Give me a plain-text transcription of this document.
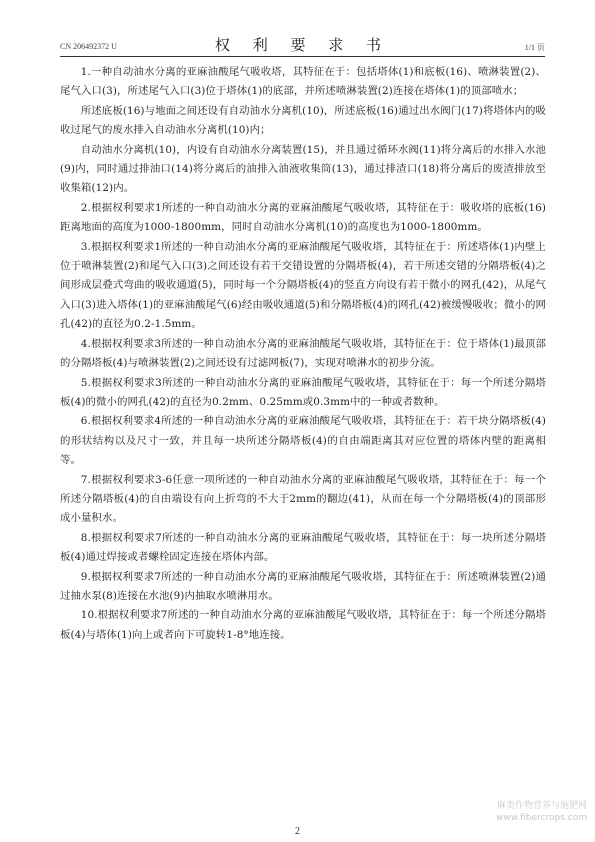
CN 206492372 U	权 利 要 求 书	1/1 页

1.一种自动油水分离的亚麻油酸尾气吸收塔，其特征在于：包括塔体(1)和底板(16)、喷淋装置(2)、尾气入口(3)，所述尾气入口(3)位于塔体(1)的底部，并所述喷淋装置(2)连接在塔体(1)的顶部喷水；

所述底板(16)与地面之间还设有自动油水分离机(10)，所述底板(16)通过出水阀门(17)将塔体内的吸收过尾气的废水排入自动油水分离机(10)内；

自动油水分离机(10)，内设有自动油水分离装置(15)，并且通过循环水阀(11)将分离后的水排入水池(9)内，同时通过排油口(14)将分离后的油排入油液收集筒(13)，通过排渣口(18)将分离后的废渣排放至收集箱(12)内。

2.根据权利要求1所述的一种自动油水分离的亚麻油酸尾气吸收塔，其特征在于：吸收塔的底板(16)距离地面的高度为1000-1800mm，同时自动油水分离机(10)的高度也为1000-1800mm。

3.根据权利要求1所述的一种自动油水分离的亚麻油酸尾气吸收塔，其特征在于：所述塔体(1)内壁上位于喷淋装置(2)和尾气入口(3)之间还设有若干交错设置的分隔塔板(4)，若干所述交错的分隔塔板(4)之间形成层叠式弯曲的吸收通道(5)，同时每一个分隔塔板(4)的竖直方向设有若干微小的网孔(42)，从尾气入口(3)进入塔体(1)的亚麻油酸尾气(6)经由吸收通道(5)和分隔塔板(4)的网孔(42)被缓慢吸收；微小的网孔(42)的直径为0.2-1.5mm。

4.根据权利要求3所述的一种自动油水分离的亚麻油酸尾气吸收塔，其特征在于：位于塔体(1)最顶部的分隔塔板(4)与喷淋装置(2)之间还设有过滤网板(7)，实现对喷淋水的初步分流。

5.根据权利要求3所述的一种自动油水分离的亚麻油酸尾气吸收塔，其特征在于：每一个所述分隔塔板(4)的微小的网孔(42)的直径为0.2mm、0.25mm或0.3mm中的一种或者数种。

6.根据权利要求4所述的一种自动油水分离的亚麻油酸尾气吸收塔，其特征在于：若干块分隔塔板(4)的形状结构以及尺寸一致，并且每一块所述分隔塔板(4)的自由端距离其对应位置的塔体内壁的距离相等。

7.根据权利要求3-6任意一项所述的一种自动油水分离的亚麻油酸尾气吸收塔，其特征在于：每一个所述分隔塔板(4)的自由端设有向上折弯的不大于2mm的翻边(41)，从而在每一个分隔塔板(4)的顶部形成小量积水。

8.根据权利要求7所述的一种自动油水分离的亚麻油酸尾气吸收塔，其特征在于：每一块所述分隔塔板(4)通过焊接或者螺栓固定连接在塔体内部。

9.根据权利要求7所述的一种自动油水分离的亚麻油酸尾气吸收塔，其特征在于：所述喷淋装置(2)通过抽水泵(8)连接在水池(9)内抽取水喷淋用水。

10.根据权利要求7所述的一种自动油水分离的亚麻油酸尾气吸收塔，其特征在于：每一个所述分隔塔板(4)与塔体(1)向上或者向下可旋转1-8°地连接。

2
麻类作物营养与施肥网
www.fibercrops.com
